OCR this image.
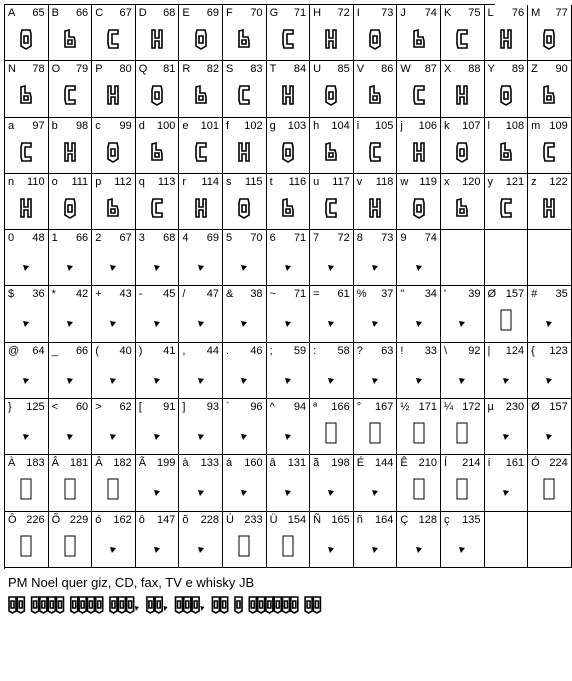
A 65 B 66 C 67 D 68 E 69 F 70 G 71 H 72 I 73 J 74 K 75 L 76 M 77
N 78 O 79 P 80 Q 81 R 82 S 83 T 84 U 85 V 86 W 87 X 88 Y 89 Z 90
a 97 b 98 c 99 d 100 e 101 f 102 g 103 h 104 i 105 j 106 k 107 l 108 m 109
n 110 o 111 p 112 q 113 r 114 s 115 t 116 u 117 v 118 w 119 x 120 y 121 z 122
0 48 1 66 2 67 3 68 4 69 5 70 6 71 7 72 8 73 9 74
$ 36 * 42 + 43 - 45 / 47 & 38 ~ 71 = 61 % 37 " 34 ' 39 Ø 157 # 35
@ 64 _ 66 ( 40 ) 41 , 44 . 46 ; 59 : 58 ? 63 ! 33 \ 92 | 124 { 123
} 125 < 60 > 62 [ 91 ] 93 ` 96 ^ 94 ª 166 ° 167 ½ 171 ¼ 172 µ 230 Ø 157
À 183 Â 181 Â 182 Ã 199 à 133 á 160 â 131 ã 198 É 144 Ê 210 Í 214 í 161 Ó 224
Ô 226 Õ 229 ó 162 ô 147 õ 228 Ú 233 Ü 154 Ñ 165 ñ 164 Ç 128 ç 135
PM Noel quer giz, CD, fax, TV e whisky JB
